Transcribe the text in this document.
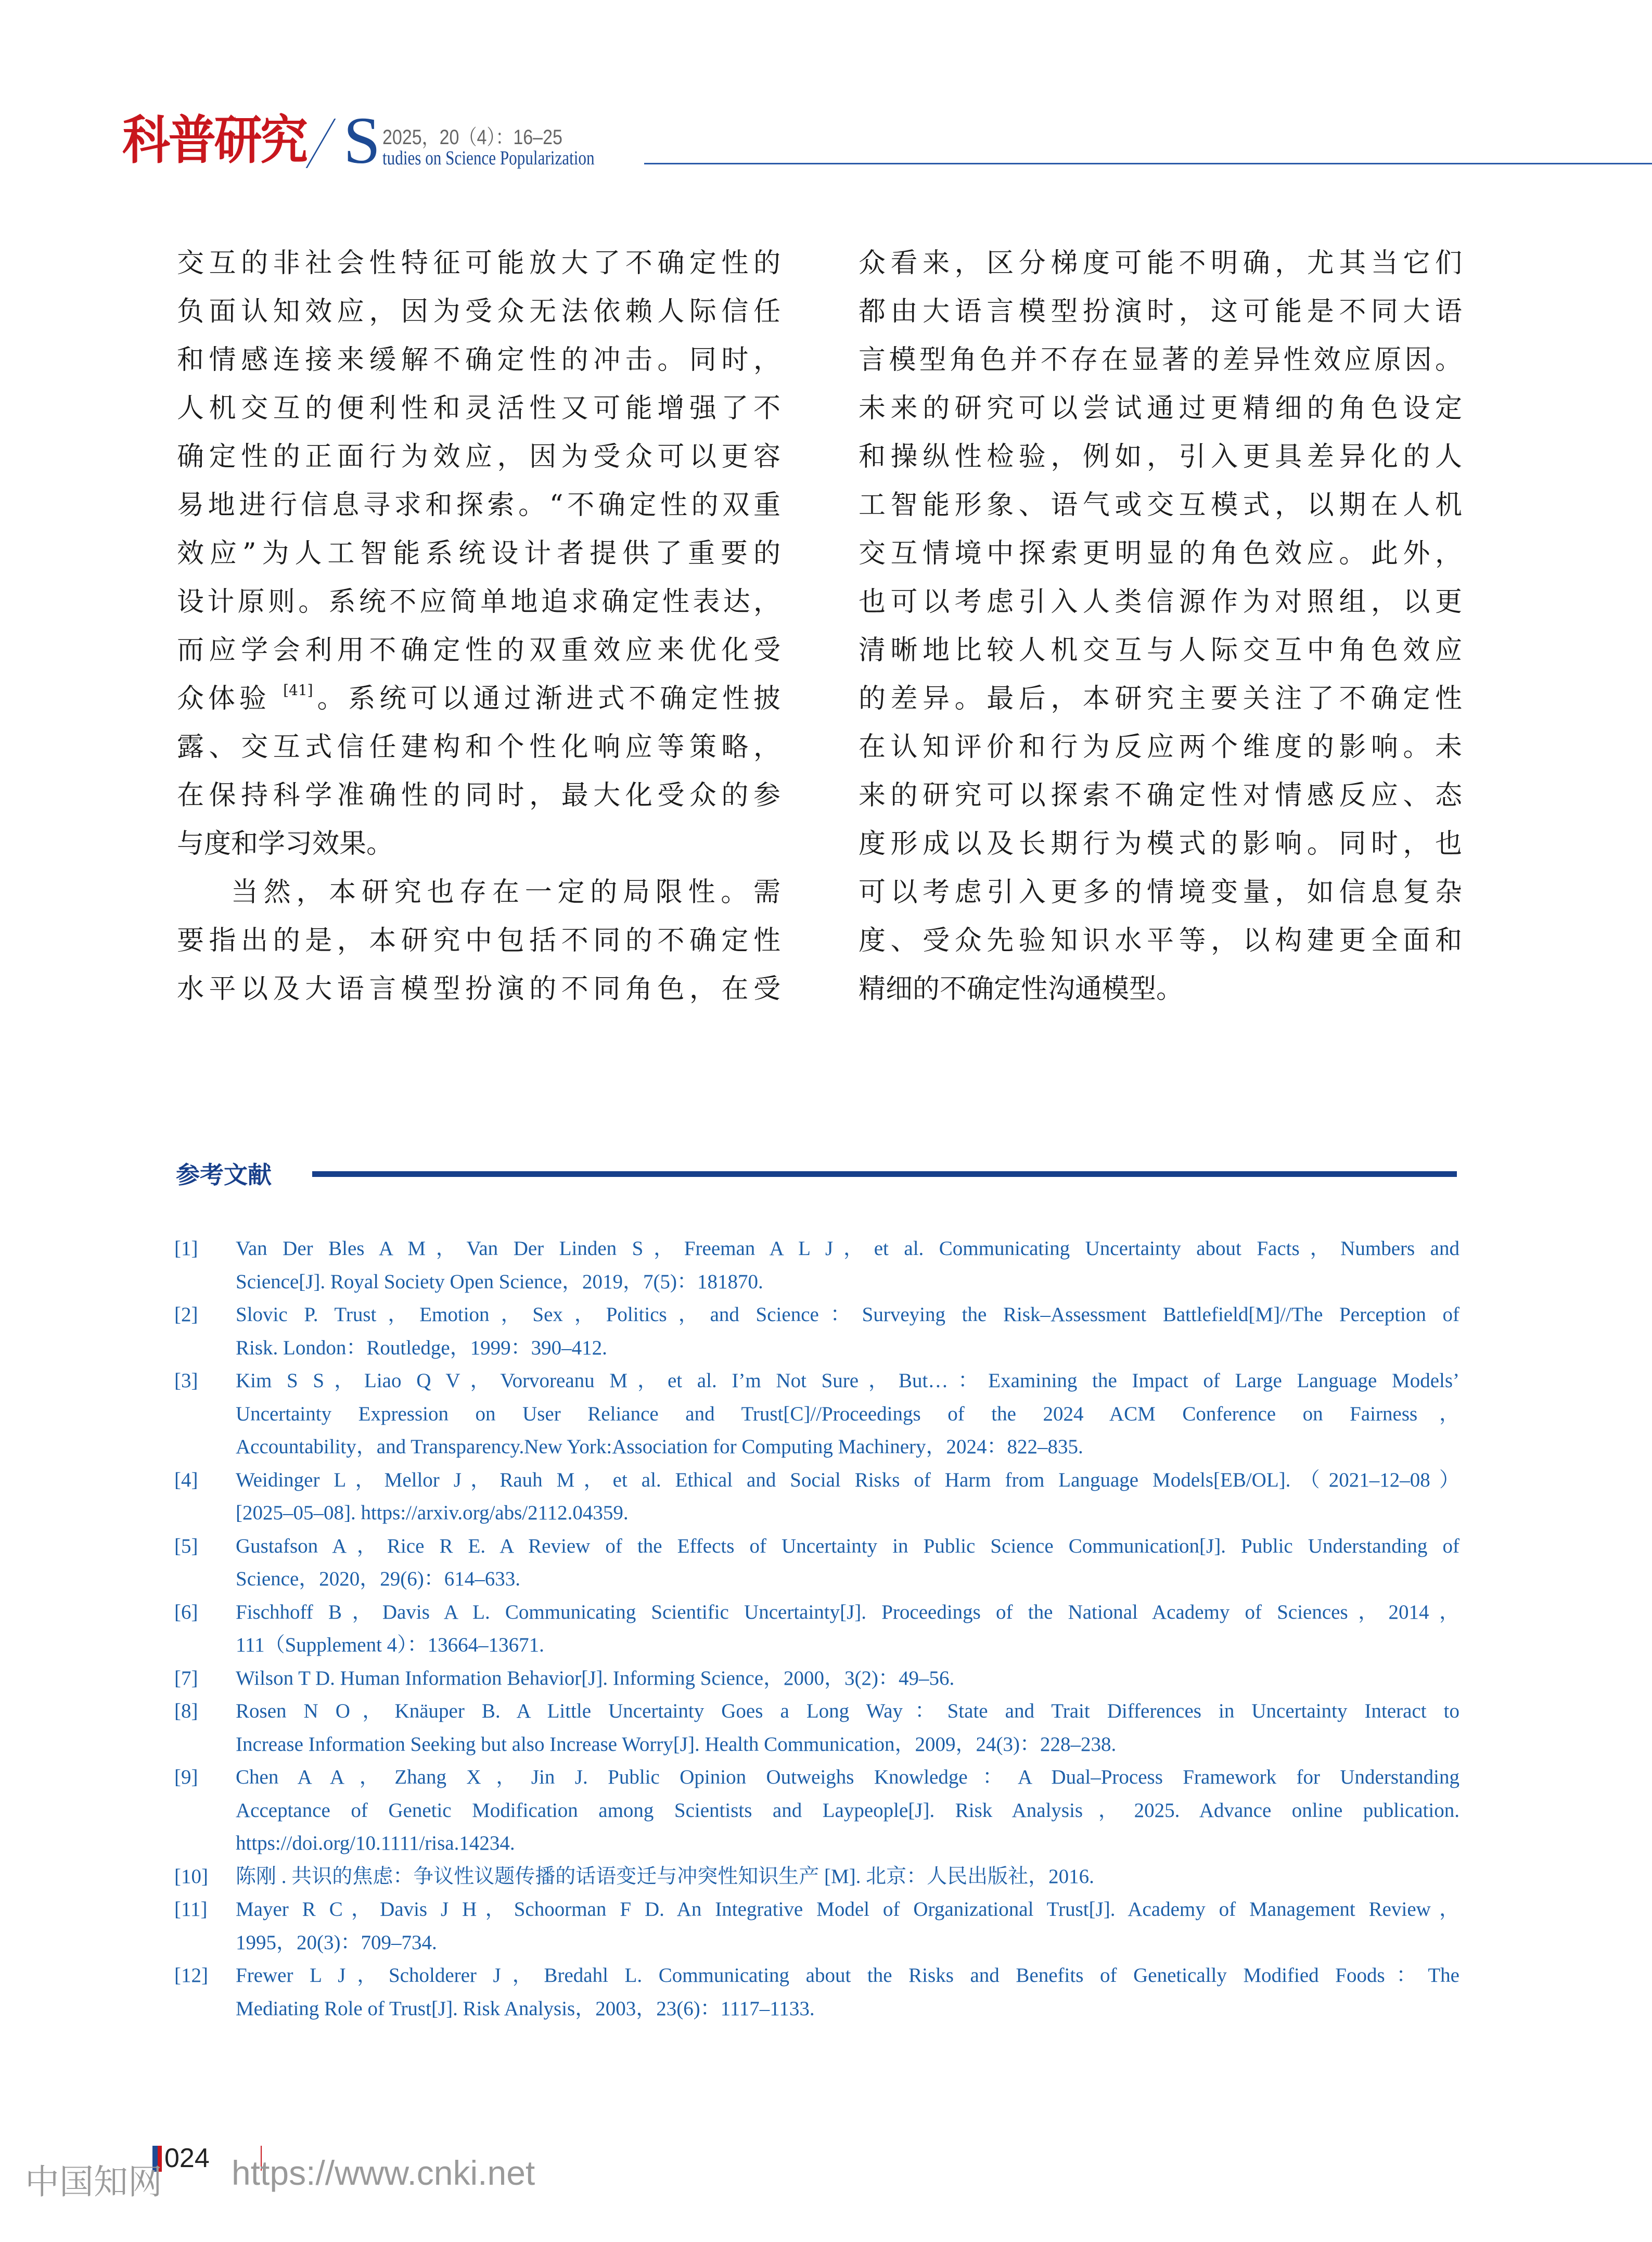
科普研究 S 2025，20（4）：16–25
tudies on Science Popularization
交互的非社会性特征可能放大了不确定性的
负面认知效应，因为受众无法依赖人际信任
和情感连接来缓解不确定性的冲击。同时，
人机交互的便利性和灵活性又可能增强了不
确定性的正面行为效应，因为受众可以更容
易地进行信息寻求和探索。“不确定性的双重
效应”为人工智能系统设计者提供了重要的
设计原则。系统不应简单地追求确定性表达，
而应学会利用不确定性的双重效应来优化受
众体验 [41]。系统可以通过渐进式不确定性披
露、交互式信任建构和个性化响应等策略，
在保持科学准确性的同时，最大化受众的参
与度和学习效果。
当然，本研究也存在一定的局限性。需
要指出的是，本研究中包括不同的不确定性
水平以及大语言模型扮演的不同角色，在受
众看来，区分梯度可能不明确，尤其当它们
都由大语言模型扮演时，这可能是不同大语
言模型角色并不存在显著的差异性效应原因。
未来的研究可以尝试通过更精细的角色设定
和操纵性检验，例如，引入更具差异化的人
工智能形象、语气或交互模式，以期在人机
交互情境中探索更明显的角色效应。此外，
也可以考虑引入人类信源作为对照组，以更
清晰地比较人机交互与人际交互中角色效应
的差异。最后，本研究主要关注了不确定性
在认知评价和行为反应两个维度的影响。未
来的研究可以探索不确定性对情感反应、态
度形成以及长期行为模式的影响。同时，也
可以考虑引入更多的情境变量，如信息复杂
度、受众先验知识水平等，以构建更全面和
精细的不确定性沟通模型。
参考文献
[1]	Van Der Bles A M，Van Der Linden S，Freeman A L J，et al. Communicating Uncertainty about Facts，Numbers and
Science[J]. Royal Society Open Science，2019，7(5)：181870.
[2]	Slovic P. Trust，Emotion，Sex，Politics，and Science：Surveying the Risk–Assessment Battlefield[M]//The Perception of
Risk. London：Routledge，1999：390–412.
[3]	Kim S S，Liao Q V，Vorvoreanu M，et al. I’m Not Sure，But…：Examining the Impact of Large Language Models’
Uncertainty Expression on User Reliance and Trust[C]//Proceedings of the 2024 ACM Conference on Fairness，
Accountability，and Transparency.New York:Association for Computing Machinery，2024：822–835.
[4]	Weidinger L，Mellor J，Rauh M，et al. Ethical and Social Risks of Harm from Language Models[EB/OL].（2021–12–08）
[2025–05–08]. https://arxiv.org/abs/2112.04359.
[5]	Gustafson A，Rice R E. A Review of the Effects of Uncertainty in Public Science Communication[J]. Public Understanding of
Science，2020，29(6)：614–633.
[6]	Fischhoff B，Davis A L. Communicating Scientific Uncertainty[J]. Proceedings of the National Academy of Sciences，2014，
111（Supplement 4）：13664–13671.
[7]	Wilson T D. Human Information Behavior[J]. Informing Science，2000，3(2)：49–56.
[8]	Rosen N O，Knäuper B. A Little Uncertainty Goes a Long Way：State and Trait Differences in Uncertainty Interact to
Increase Information Seeking but also Increase Worry[J]. Health Communication，2009，24(3)：228–238.
[9]	Chen A A，Zhang X，Jin J. Public Opinion Outweighs Knowledge：A Dual–Process Framework for Understanding
Acceptance of Genetic Modification among Scientists and Laypeople[J]. Risk Analysis，2025. Advance online publication.
https://doi.org/10.1111/risa.14234.
[10]	陈刚 . 共识的焦虑：争议性议题传播的话语变迁与冲突性知识生产 [M]. 北京：人民出版社，2016.
[11]	Mayer R C，Davis J H，Schoorman F D. An Integrative Model of Organizational Trust[J]. Academy of Management Review，
1995，20(3)：709–734.
[12]	Frewer L J，Scholderer J，Bredahl L. Communicating about the Risks and Benefits of Genetically Modified Foods：The
Mediating Role of Trust[J]. Risk Analysis，2003，23(6)：1117–1133.
024
中国知网 https://www.cnki.net
